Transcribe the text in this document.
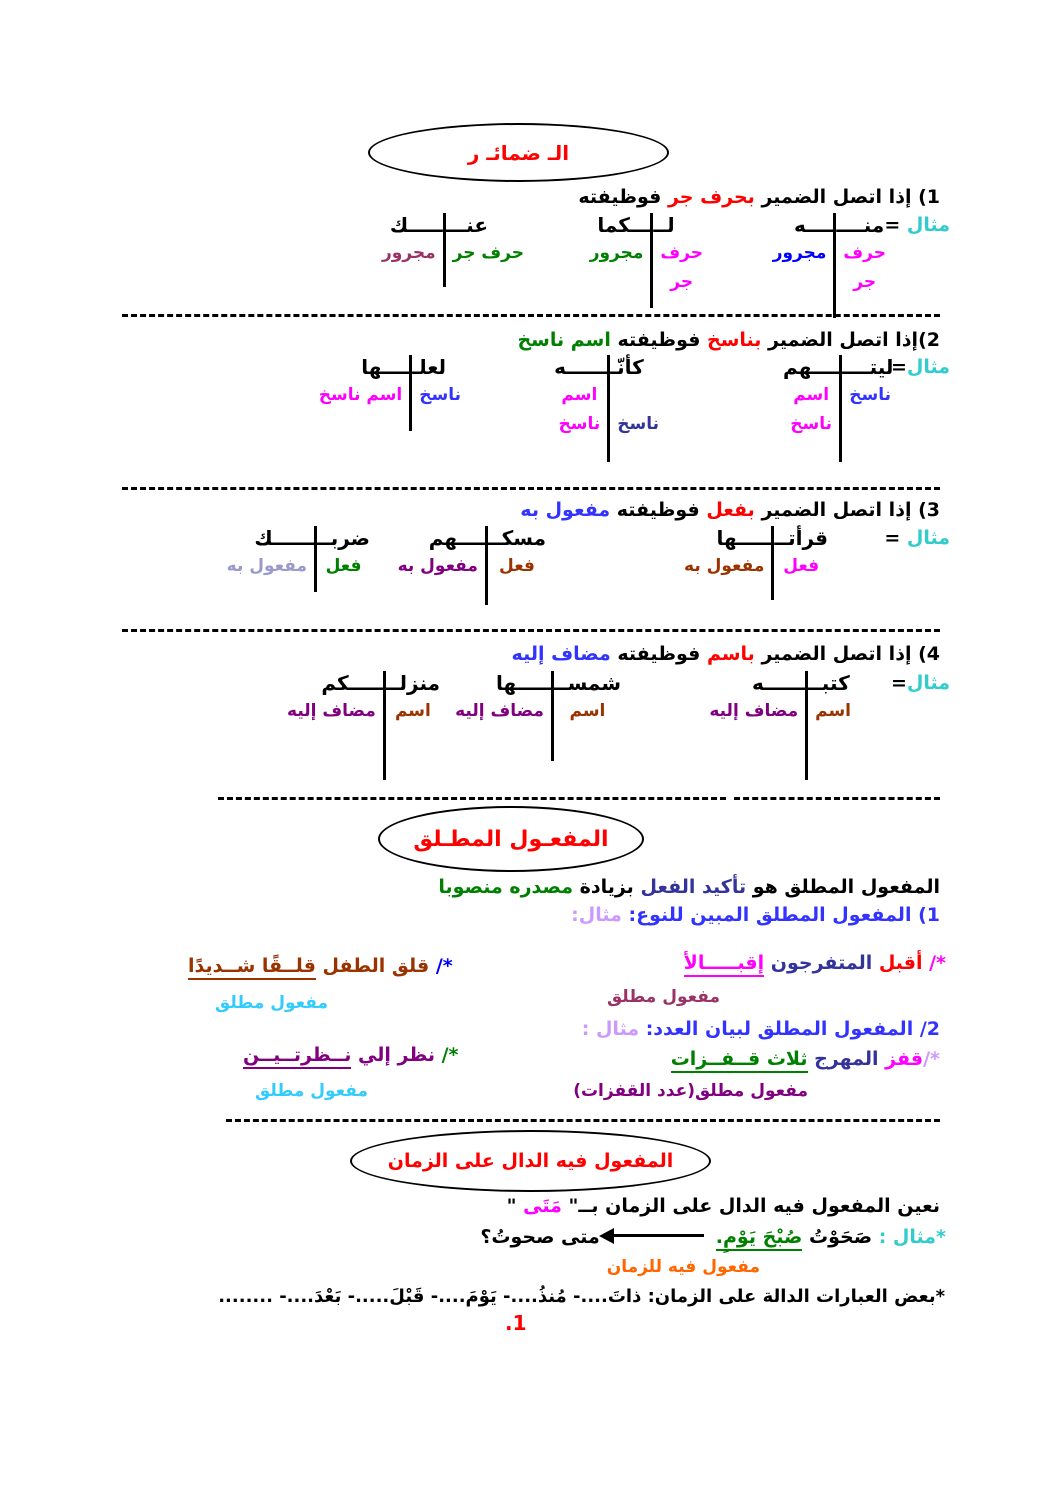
الـ ضمائـ ر
1) إذا اتصل الضمير بحرف جر فوظيفته
مثال =
منــــ
ــــه
حرف
مجرور
جر
لــ
ـــكما
حرف
مجرور
جر
عنـــ
ـــــك
حرف جر
مجرور
2)إذا اتصل الضمير بناسخ فوظيفته اسم ناسخ
مثال=
ليتــــ
ــــهم
ناسخ
اسم
ناسخ
كأنّـ
ــــــه
اسم
ناسخ
ناسخ
لعلـ
ــــها
ناسخ
اسم ناسخ
3) إذا اتصل الضمير بفعل فوظيفته مفعول به
مثال =
قرأتــ
ـــــها
فعل
مفعول به
مسكــ
ــــهم
فعل
مفعول به
ضربــ
ــــــك
فعل
مفعول به
4) إذا اتصل الضمير باسم فوظيفته مضاف إليه
مثال=
كتبــ
ــــــه
اسم
مضاف إليه
شمســ
ـــــها
اسم
مضاف إليه
منزلــ
ـــــكم
اسم
مضاف إليه
المفعـول المطـلق
المفعول المطلق هو تأكيد الفعل بزيادة مصدره منصوبا
1) المفعول المطلق المبين للنوع: مثال:
*/ أقبل المتفرجون إقبـــــالأ
مفعول مطلق
*/ قلق الطفل قلــقًا شــديدًا
مفعول مطلق
2/ المفعول المطلق لبيان العدد: مثال :
*/قفز المهرج ثلاث قــفــزات
مفعول مطلق(عدد القفزات)
*/ نظر إلي نــظرتــيــن
مفعول مطلق
المفعول فيه الدال على الزمان
نعين المفعول فيه الدال على الزمان بــ" مَتَى "
*مثال : صَحَوْتُ صُبْحَ يَوْمٍ.متى صحوتُ؟
مفعول فيه للزمان
*بعض العبارات الدالة على الزمان: ذاتَ....- مُنذُ....- يَوْمَ....- قَبْلَ.....- بَعْدَ....- ........
1.
